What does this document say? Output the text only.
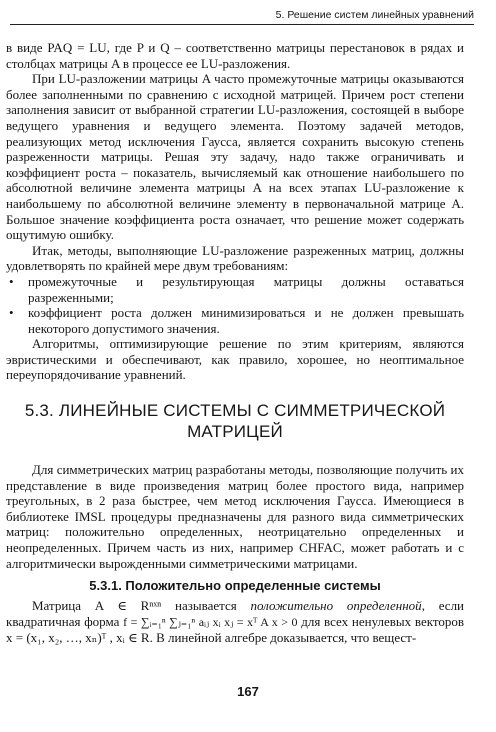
5. Решение систем линейных уравнений

в виде PAQ = LU, где P и Q – соответственно матрицы перестановок в рядах и столбцах матрицы A в процессе ее LU-разложения.

При LU-разложении матрицы A часто промежуточные матрицы оказываются более заполненными по сравнению с исходной матрицей. Причем рост степени заполнения зависит от выбранной стратегии LU-разложения, состоящей в выборе ведущего уравнения и ведущего элемента. Поэтому задачей методов, реализующих метод исключения Гаусса, является сохранить высокую степень разреженности матрицы. Решая эту задачу, надо также ограничивать и коэффициент роста – показатель, вычисляемый как отношение наибольшего по абсолютной величине элемента матрицы A на всех этапах LU-разложение к наибольшему по абсолютной величине элементу в первоначальной матрице A. Большое значение коэффициента роста означает, что решение может содержать ощутимую ошибку.

Итак, методы, выполняющие LU-разложение разреженных матриц, должны удовлетворять по крайней мере двум требованиям:

• промежуточные и результирующая матрицы должны оставаться разреженными;
• коэффициент роста должен минимизироваться и не должен превышать некоторого допустимого значения.

Алгоритмы, оптимизирующие решение по этим критериям, являются эвристическими и обеспечивают, как правило, хорошее, но неоптимальное переупорядочивание уравнений.

5.3. ЛИНЕЙНЫЕ СИСТЕМЫ С СИММЕТРИЧЕСКОЙ
МАТРИЦЕЙ

Для симметрических матриц разработаны методы, позволяющие получить их представление в виде произведения матриц более простого вида, например треугольных, в 2 раза быстрее, чем метод исключения Гаусса. Имеющиеся в библиотеке IMSL процедуры предназначены для разного вида симметрических матриц: положительно определенных, неотрицательно определенных и неопределенных. Причем часть из них, например CHFAC, может работать и с алгоритмически вырожденными симметрическими матрицами.

5.3.1. Положительно определенные системы

Матрица A ∈ Rⁿˣⁿ называется положительно определенной, если квадратичная форма f = ∑ᵢ₌₁ⁿ ∑ⱼ₌₁ⁿ aᵢⱼ xᵢ xⱼ = xᵀ A x > 0 для всех ненулевых векторов x = (x₁, x₂, …, xₙ)ᵀ , xᵢ ∈ R. В линейной алгебре доказывается, что вещест-

167
